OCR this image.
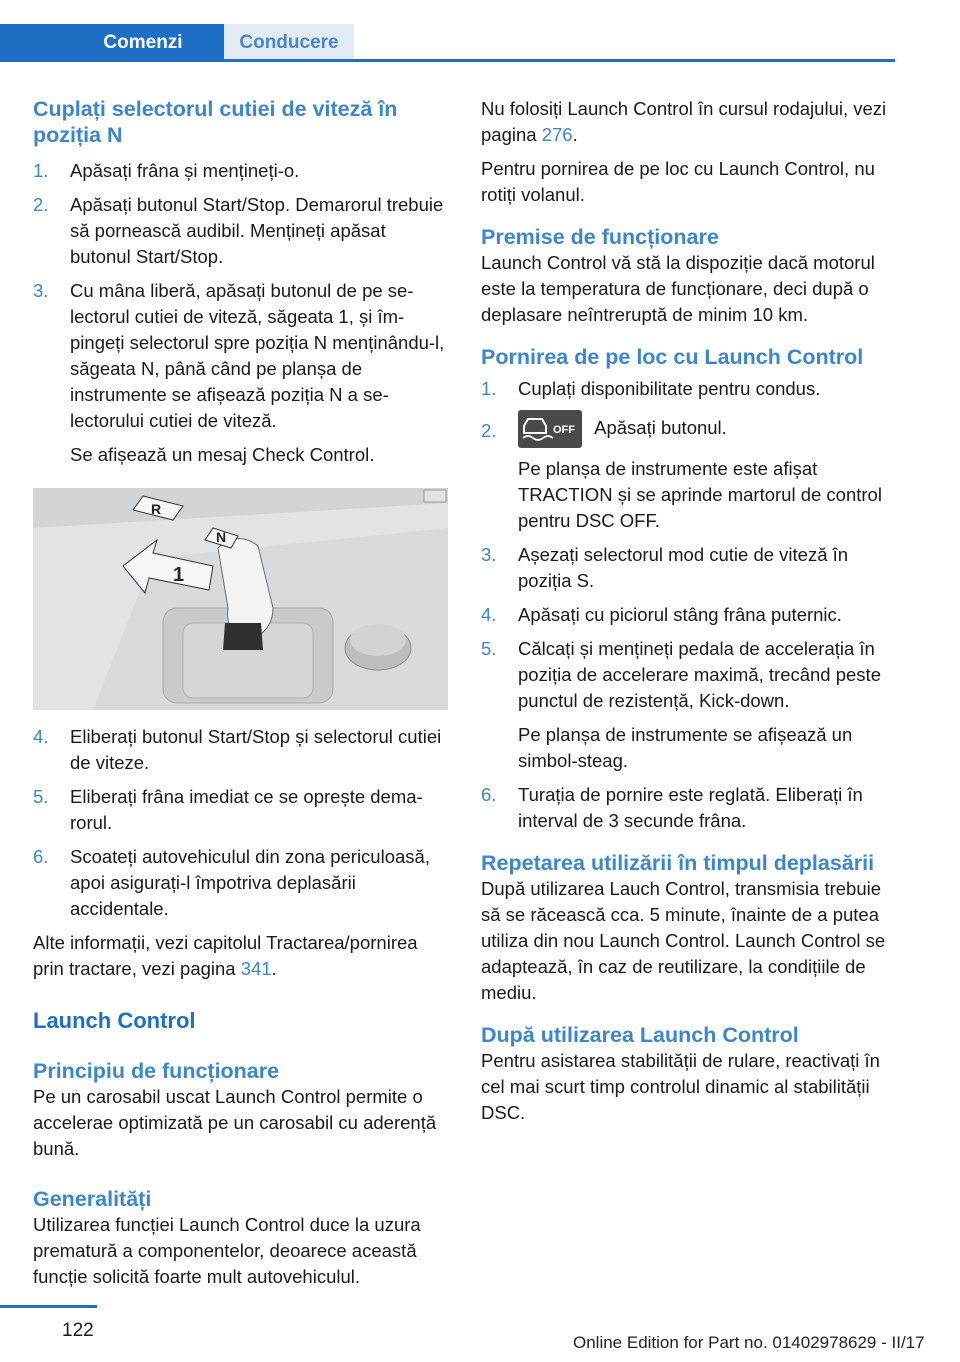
Comenzi	Conducere
Cuplați selectorul cutiei de viteză în poziția N
1.	Apăsați frâna și mențineți-o.
2.	Apăsați butonul Start/Stop. Demarorul trebuie să pornească audibil. Mențineți apăsat butonul Start/Stop.
3.	Cu mâna liberă, apăsați butonul de pe selectorul cutiei de viteză, săgeata 1, și împingeți selectorul spre poziția N menținându-l, săgeata N, până când pe planșa de instrumente se afișează poziția N a selectorului cutiei de viteză.
Se afișează un mesaj Check Control.
N
R
1
4.	Eliberați butonul Start/Stop și selectorul cutiei de viteze.
5.	Eliberați frâna imediat ce se oprește demarorul.
6.	Scoateți autovehiculul din zona periculoasă, apoi asigurați-l împotriva deplasării accidentale.

Alte informații, vezi capitolul Tractarea/pornirea prin tractare, vezi pagina 341.

Launch Control
Principiu de funcționare

Pe un carosabil uscat Launch Control permite o accelerae optimizată pe un carosabil cu aderență bună.

Generalități

Utilizarea funcției Launch Control duce la uzura prematură a componentelor, deoarece această funcție solicită foarte mult autovehiculul.

Nu folosiți Launch Control în cursul rodajului, vezi pagina 276.

Pentru pornirea de pe loc cu Launch Control, nu rotiți volanul.

Premise de funcționare

Launch Control vă stă la dispoziție dacă motorul este la temperatura de funcționare, deci după o deplasare neîntreruptă de minim 10 km.

Pornirea de pe loc cu Launch Control
1.	Cuplați disponibilitate pentru condus.
2.	OFF Apăsați butonul.
Pe planșa de instrumente este afișat TRACTION și se aprinde martorul de control pentru DSC OFF.
3.	Așezați selectorul mod cutie de viteză în poziția S.
4.	Apăsați cu piciorul stâng frâna puternic.
5.	Călcați și mențineți pedala de accelerația în poziția de accelerare maximă, trecând peste punctul de rezistență, Kick-down.
Pe planșa de instrumente se afișează un simbol-steag.
6.	Turația de pornire este reglată. Eliberați în interval de 3 secunde frâna.
Repetarea utilizării în timpul deplasării

După utilizarea Lauch Control, transmisia trebuie să se răcească cca. 5 minute, înainte de a putea utiliza din nou Launch Control. Launch Control se adaptează, în caz de reutilizare, la condițiile de mediu.

După utilizarea Launch Control

Pentru asistarea stabilității de rulare, reactivați în cel mai scurt timp controlul dinamic al stabilității DSC.

122
Online Edition for Part no. 01402978629 - II/17
